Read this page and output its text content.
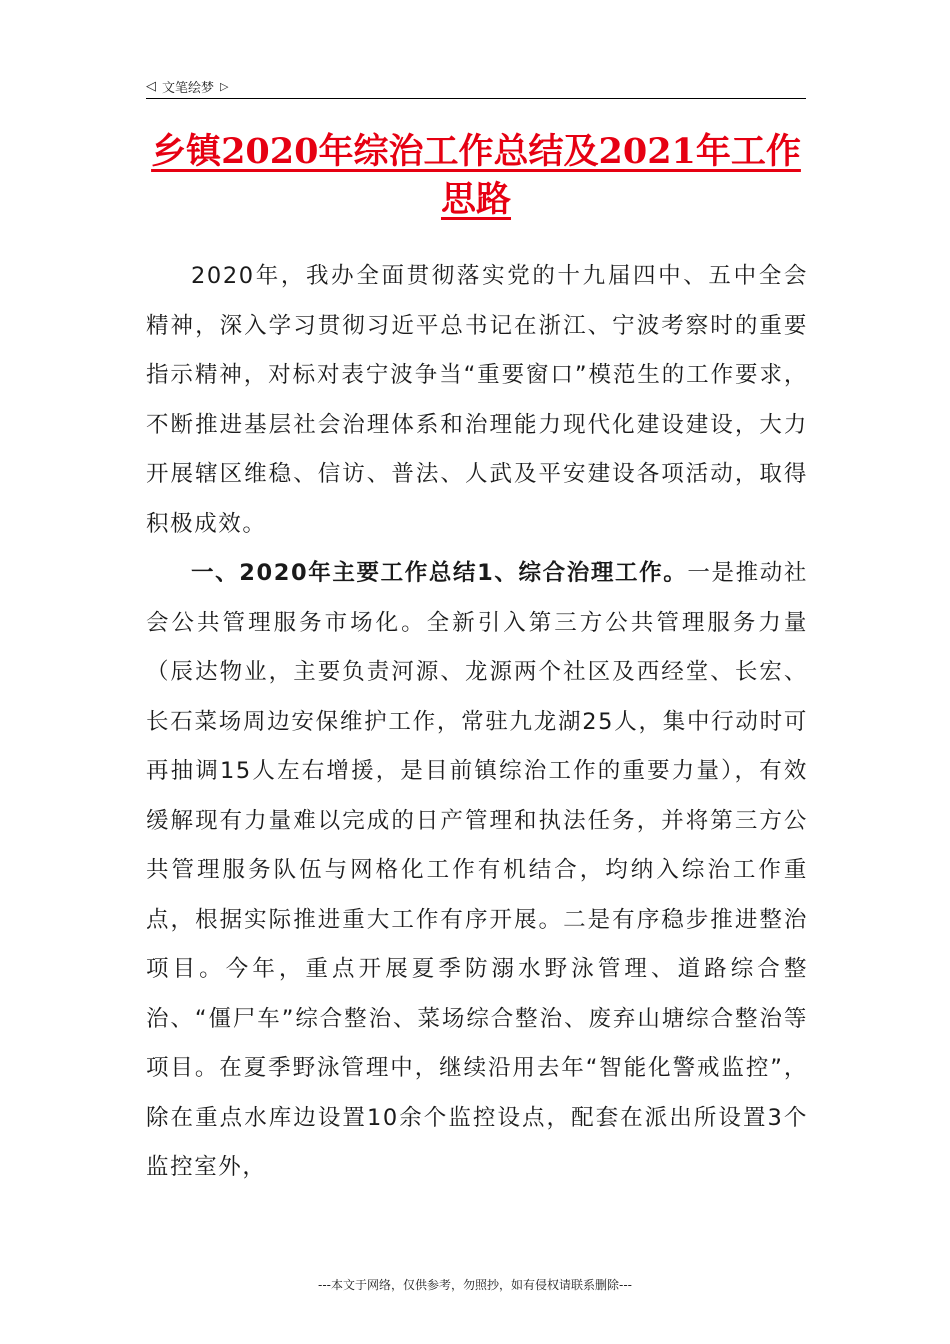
◁ 文笔绘梦 ▷
乡镇2020年综治工作总结及2021年工作思路

2020年，我办全面贯彻落实党的十九届四中、五中全会精神，深入学习贯彻习近平总书记在浙江、宁波考察时的重要指示精神，对标对表宁波争当“重要窗口”模范生的工作要求，不断推进基层社会治理体系和治理能力现代化建设建设，大力开展辖区维稳、信访、普法、人武及平安建设各项活动，取得积极成效。

一、2020年主要工作总结1、综合治理工作。一是推动社会公共管理服务市场化。全新引入第三方公共管理服务力量（辰达物业，主要负责河源、龙源两个社区及西经堂、长宏、长石菜场周边安保维护工作，常驻九龙湖25人，集中行动时可再抽调15人左右增援，是目前镇综治工作的重要力量），有效缓解现有力量难以完成的日产管理和执法任务，并将第三方公共管理服务队伍与网格化工作有机结合，均纳入综治工作重点，根据实际推进重大工作有序开展。二是有序稳步推进整治项目。今年，重点开展夏季防溺水野泳管理、道路综合整治、“僵尸车”综合整治、菜场综合整治、废弃山塘综合整治等项目。在夏季野泳管理中，继续沿用去年“智能化警戒监控”，除在重点水库边设置10余个监控设点，配套在派出所设置3个监控室外，

---本文于网络，仅供参考，勿照抄，如有侵权请联系删除---
